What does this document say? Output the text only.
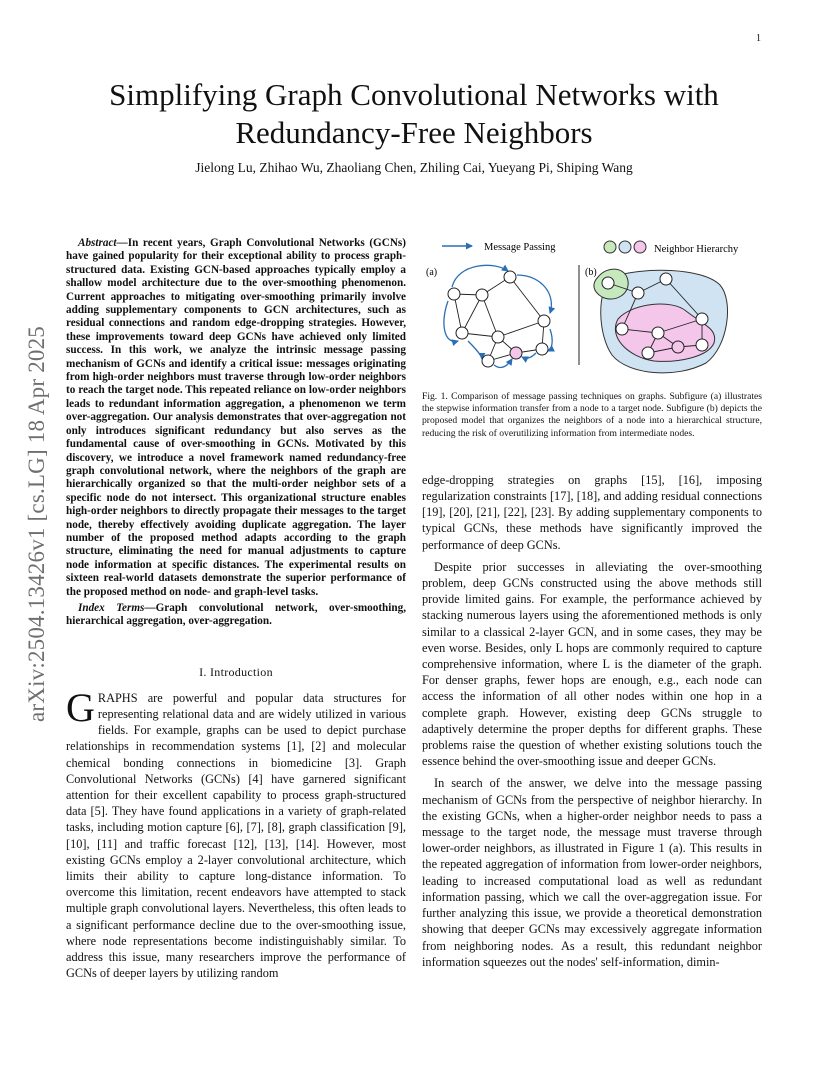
1
arXiv:2504.13426v1 [cs.LG] 18 Apr 2025
Simplifying Graph Convolutional Networks with
Redundancy-Free Neighbors
Jielong Lu, Zhihao Wu, Zhaoliang Chen, Zhiling Cai, Yueyang Pi, Shiping Wang

Abstract—In recent years, Graph Convolutional Networks (GCNs) have gained popularity for their exceptional ability to process graph-structured data. Existing GCN-based approaches typically employ a shallow model architecture due to the over-smoothing phenomenon. Current approaches to mitigating over-smoothing primarily involve adding supplementary components to GCN architectures, such as residual connections and random edge-dropping strategies. However, these improvements toward deep GCNs have achieved only limited success. In this work, we analyze the intrinsic message passing mechanism of GCNs and identify a critical issue: messages originating from high-order neighbors must traverse through low-order neighbors to reach the target node. This repeated reliance on low-order neighbors leads to redundant information aggregation, a phenomenon we term over-aggregation. Our analysis demonstrates that over-aggregation not only introduces significant redundancy but also serves as the fundamental cause of over-smoothing in GCNs. Motivated by this discovery, we introduce a novel framework named redundancy-free graph convolutional network, where the neighbors of the graph are hierarchically organized so that the multi-order neighbor sets of a specific node do not intersect. This organizational structure enables high-order neighbors to directly propagate their messages to the target node, thereby effectively avoiding duplicate aggregation. The layer number of the proposed method adapts according to the graph structure, eliminating the need for manual adjustments to capture node information at specific distances. The experimental results on sixteen real-world datasets demonstrate the superior performance of the proposed method on node- and graph-level tasks.

Index Terms—Graph convolutional network, over-smoothing, hierarchical aggregation, over-aggregation.

I. Introduction

GRAPHS are powerful and popular data structures for representing relational data and are widely utilized in various fields. For example, graphs can be used to depict purchase relationships in recommendation systems [1], [2] and molecular chemical bonding connections in biomedicine [3]. Graph Convolutional Networks (GCNs) [4] have garnered significant attention for their excellent capability to process graph-structured data [5]. They have found applications in a variety of graph-related tasks, including motion capture [6], [7], [8], graph classification [9], [10], [11] and traffic forecast [12], [13], [14]. However, most existing GCNs employ a 2-layer convolutional architecture, which limits their ability to capture long-distance information. To overcome this limitation, recent endeavors have attempted to stack multiple graph convolutional layers. Nevertheless, this often leads to a significant performance decline due to the over-smoothing issue, where node representations become indistinguishably similar. To address this issue, many researchers improve the performance of GCNs of deeper layers by utilizing random

Message Passing	Neighbor Hierarchy
(a)	(b)

Fig. 1. Comparison of message passing techniques on graphs. Subfigure (a) illustrates the stepwise information transfer from a node to a target node. Subfigure (b) depicts the proposed model that organizes the neighbors of a node into a hierarchical structure, reducing the risk of overutilizing information from intermediate nodes.

edge-dropping strategies on graphs [15], [16], imposing regularization constraints [17], [18], and adding residual connections [19], [20], [21], [22], [23]. By adding supplementary components to typical GCNs, these methods have significantly improved the performance of deep GCNs.

Despite prior successes in alleviating the over-smoothing problem, deep GCNs constructed using the above methods still provide limited gains. For example, the performance achieved by stacking numerous layers using the aforementioned methods is only similar to a classical 2-layer GCN, and in some cases, they may be even worse. Besides, only L hops are commonly required to capture comprehensive information, where L is the diameter of the graph. For denser graphs, fewer hops are enough, e.g., each node can access the information of all other nodes within one hop in a complete graph. However, existing deep GCNs struggle to adaptively determine the proper depths for different graphs. These problems raise the question of whether existing solutions touch the essence behind the over-smoothing issue and deeper GCNs.

In search of the answer, we delve into the message passing mechanism of GCNs from the perspective of neighbor hierarchy. In the existing GCNs, when a higher-order neighbor needs to pass a message to the target node, the message must traverse through lower-order neighbors, as illustrated in Figure 1 (a). This results in the repeated aggregation of information from lower-order neighbors, leading to increased computational load as well as redundant information passing, which we call the over-aggregation issue. For further analyzing this issue, we provide a theoretical demonstration showing that deeper GCNs may excessively aggregate information from neighboring nodes. As a result, this redundant neighbor information squeezes out the nodes' self-information, dimin-
